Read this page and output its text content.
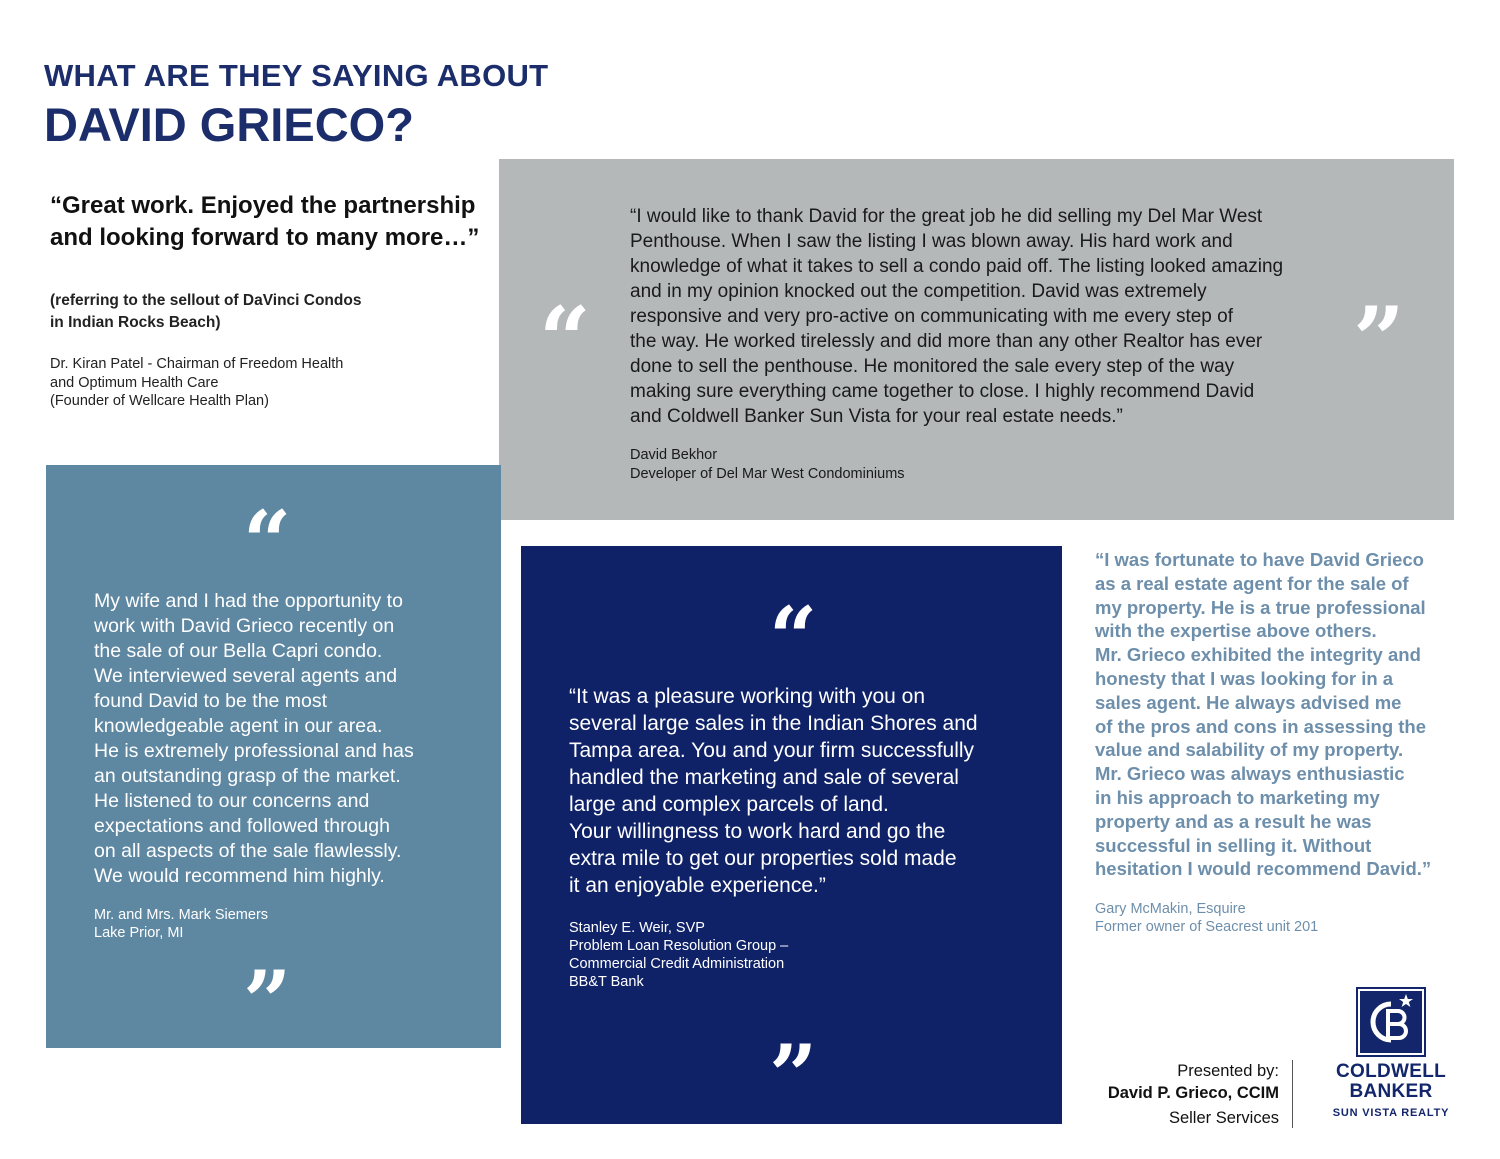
WHAT ARE THEY SAYING ABOUT
DAVID GRIECO?
“Great work. Enjoyed the partnership and looking forward to many more…”
(referring to the sellout of DaVinci Condos
in Indian Rocks Beach)
Dr. Kiran Patel - Chairman of Freedom Health
and Optimum Health Care
(Founder of Wellcare Health Plan)
“	”
“I would like to thank David for the great job he did selling my Del Mar West
Penthouse. When I saw the listing I was blown away. His hard work and
knowledge of what it takes to sell a condo paid off. The listing looked amazing
and in my opinion knocked out the competition. David was extremely
responsive and very pro-active on communicating with me every step of
the way. He worked tirelessly and did more than any other Realtor has ever
done to sell the penthouse. He monitored the sale every step of the way
making sure everything came together to close. I highly recommend David
and Coldwell Banker Sun Vista for your real estate needs.”
David Bekhor
Developer of Del Mar West Condominiums
“
My wife and I had the opportunity to
work with David Grieco recently on
the sale of our Bella Capri condo.
We interviewed several agents and
found David to be the most
knowledgeable agent in our area.
He is extremely professional and has
an outstanding grasp of the market.
He listened to our concerns and
expectations and followed through
on all aspects of the sale flawlessly.
We would recommend him highly.
Mr. and Mrs. Mark Siemers
Lake Prior, MI
”
“
“It was a pleasure working with you on
several large sales in the Indian Shores and
Tampa area. You and your firm successfully
handled the marketing and sale of several
large and complex parcels of land.
Your willingness to work hard and go the
extra mile to get our properties sold made
it an enjoyable experience.”
Stanley E. Weir, SVP
Problem Loan Resolution Group –
Commercial Credit Administration
BB&T Bank
”
“I was fortunate to have David Grieco
as a real estate agent for the sale of
my property. He is a true professional
with the expertise above others.
Mr. Grieco exhibited the integrity and
honesty that I was looking for in a
sales agent. He always advised me
of the pros and cons in assessing the
value and salability of my property.
Mr. Grieco was always enthusiastic
in his approach to marketing my
property and as a result he was
successful in selling it. Without
hesitation I would recommend David.”
Gary McMakin, Esquire
Former owner of Seacrest unit 201
Presented by:
David P. Grieco, CCIM
Seller Services
COLDWELL
BANKER
SUN VISTA REALTY
